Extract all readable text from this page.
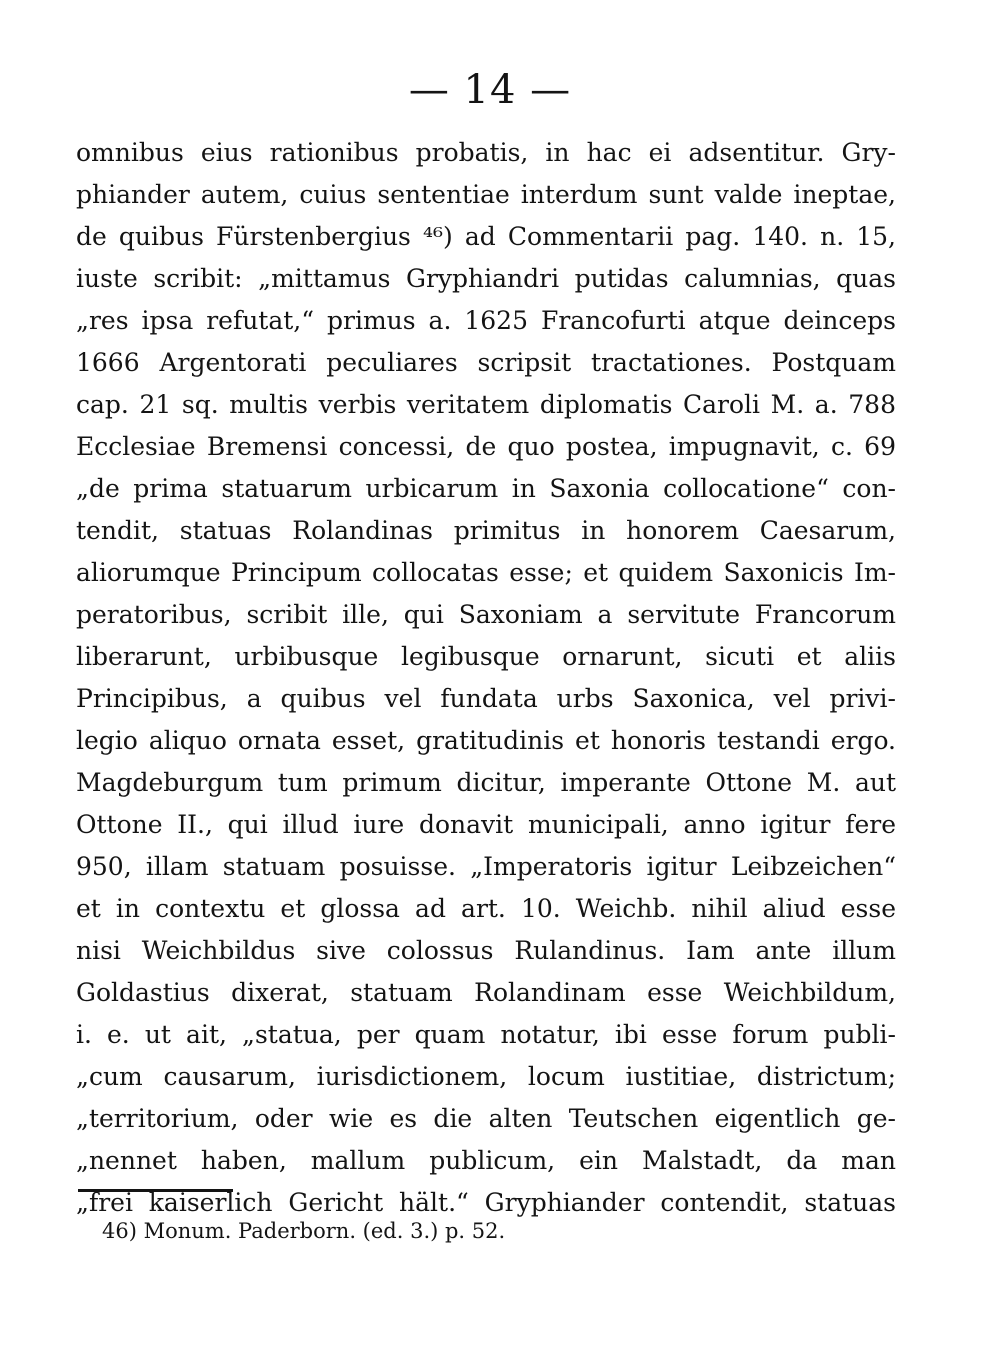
— 14 —
omnibus eius rationibus probatis, in hac ei adsentitur. Gry-
phiander autem, cuius sententiae interdum sunt valde ineptae,
de quibus Fürstenbergius ⁴⁶) ad Commentarii pag. 140. n. 15,
iuste scribit: „mittamus Gryphiandri putidas calumnias, quas
„res ipsa refutat,“ primus a. 1625 Francofurti atque deinceps
1666 Argentorati peculiares scripsit tractationes. Postquam
cap. 21 sq. multis verbis veritatem diplomatis Caroli M. a. 788
Ecclesiae Bremensi concessi, de quo postea, impugnavit, c. 69
„de prima statuarum urbicarum in Saxonia collocatione“ con-
tendit, statuas Rolandinas primitus in honorem Caesarum,
aliorumque Principum collocatas esse; et quidem Saxonicis Im-
peratoribus, scribit ille, qui Saxoniam a servitute Francorum
liberarunt, urbibusque legibusque ornarunt, sicuti et aliis
Principibus, a quibus vel fundata urbs Saxonica, vel privi-
legio aliquo ornata esset, gratitudinis et honoris testandi ergo.
Magdeburgum tum primum dicitur, imperante Ottone M. aut
Ottone II., qui illud iure donavit municipali, anno igitur fere
950, illam statuam posuisse. „Imperatoris igitur Leibzeichen“
et in contextu et glossa ad art. 10. Weichb. nihil aliud esse
nisi Weichbildus sive colossus Rulandinus. Iam ante illum
Goldastius dixerat, statuam Rolandinam esse Weichbildum,
i. e. ut ait, „statua, per quam notatur, ibi esse forum publi-
„cum causarum, iurisdictionem, locum iustitiae, districtum;
„territorium, oder wie es die alten Teutschen eigentlich ge-
„nennet haben, mallum publicum, ein Malstadt, da man
„frei kaiserlich Gericht hält.“ Gryphiander contendit, statuas
46) Monum. Paderborn. (ed. 3.) p. 52.
